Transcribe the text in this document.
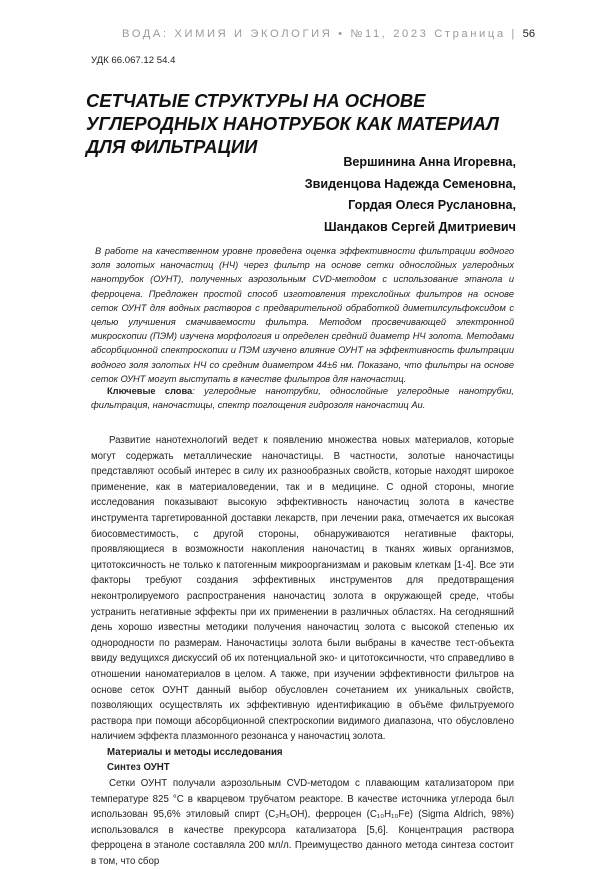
ВОДА: ХИМИЯ И ЭКОЛОГИЯ • №11, 2023 Страница | 56
УДК 66.067.12 54.4
СЕТЧАТЫЕ СТРУКТУРЫ НА ОСНОВЕ УГЛЕРОДНЫХ НАНОТРУБОК КАК МАТЕРИАЛ ДЛЯ ФИЛЬТРАЦИИ
Вершинина Анна Игоревна,
Звиденцова Надежда Семеновна,
Гордая Олеся Руслановна,
Шандаков Сергей Дмитриевич

В работе на качественном уровне проведена оценка эффективности фильтрации водного золя золотых наночастиц (НЧ) через фильтр на основе сетки однослойных углеродных нанотрубок (ОУНТ), полученных аэрозольным CVD-методом с использование этанола и ферроцена. Предложен простой способ изготовления трехслойных фильтров на основе сеток ОУНТ для водных растворов с предварительной обработкой диметилсульфоксидом с целью улучшения смачиваемости фильтра. Методом просвечивающей электронной микроскопии (ПЭМ) изучена морфология и определен средний диаметр НЧ золота. Методами абсорбционной спектроскопии и ПЭМ изучено влияние ОУНТ на эффективность фильтрации водного золя золотых НЧ со средним диаметром 44±6 нм. Показано, что фильтры на основе сеток ОУНТ могут выступать в качестве фильтров для наночастиц.

Ключевые слова: углеродные нанотрубки, однослойные углеродные нанотрубки, фильтрация, наночастицы, спектр поглощения гидрозоля наночастиц Au.

Развитие нанотехнологий ведет к появлению множества новых материалов, которые могут содержать металлические наночастицы. В частности, золотые наночастицы представляют особый интерес в силу их разнообразных свойств, которые находят широкое применение, как в материаловедении, так и в медицине. С одной стороны, многие исследования показывают высокую эффективность наночастиц золота в качестве инструмента таргетированной доставки лекарств, при лечении рака, отмечается их высокая биосовместимость, с другой стороны, обнаруживаются негативные факторы, проявляющиеся в возможности накопления наночастиц в тканях живых организмов, цитотоксичность не только к патогенным микроорганизмам и раковым клеткам [1-4]. Все эти факторы требуют создания эффективных инструментов для предотвращения неконтролируемого распространения наночастиц золота в окружающей среде, чтобы устранить негативные эффекты при их применении в различных областях. На сегодняшний день хорошо известны методики получения наночастиц золота с высокой степенью их однородности по размерам. Наночастицы золота были выбраны в качестве тест-объекта ввиду ведущихся дискуссий об их потенциальной эко- и цитотоксичности, что справедливо в отношении наноматериалов в целом. А также, при изучении эффективности фильтров на основе сеток ОУНТ данный выбор обусловлен сочетанием их уникальных свойств, позволяющих осуществлять их эффективную идентификацию в объёме фильтруемого раствора при помощи абсорбционной спектроскопии видимого диапазона, что обусловлено наличием эффекта плазмонного резонанса у наночастиц золота.

Материалы и методы исследования
Синтез ОУНТ

Сетки ОУНТ получали аэрозольным CVD-методом с плавающим катализатором при температуре 825 °С в кварцевом трубчатом реакторе. В качестве источника углерода был использован 95,6% этиловый спирт (C₂H₅OH), ферроцен (C₁₀H₁₀Fe) (Sigma Aldrich, 98%) использовался в качестве прекурсора катализатора [5,6]. Концентрация раствора ферроцена в этаноле составляла 200 мл/л. Преимущество данного метода синтеза состоит в том, что сбор
